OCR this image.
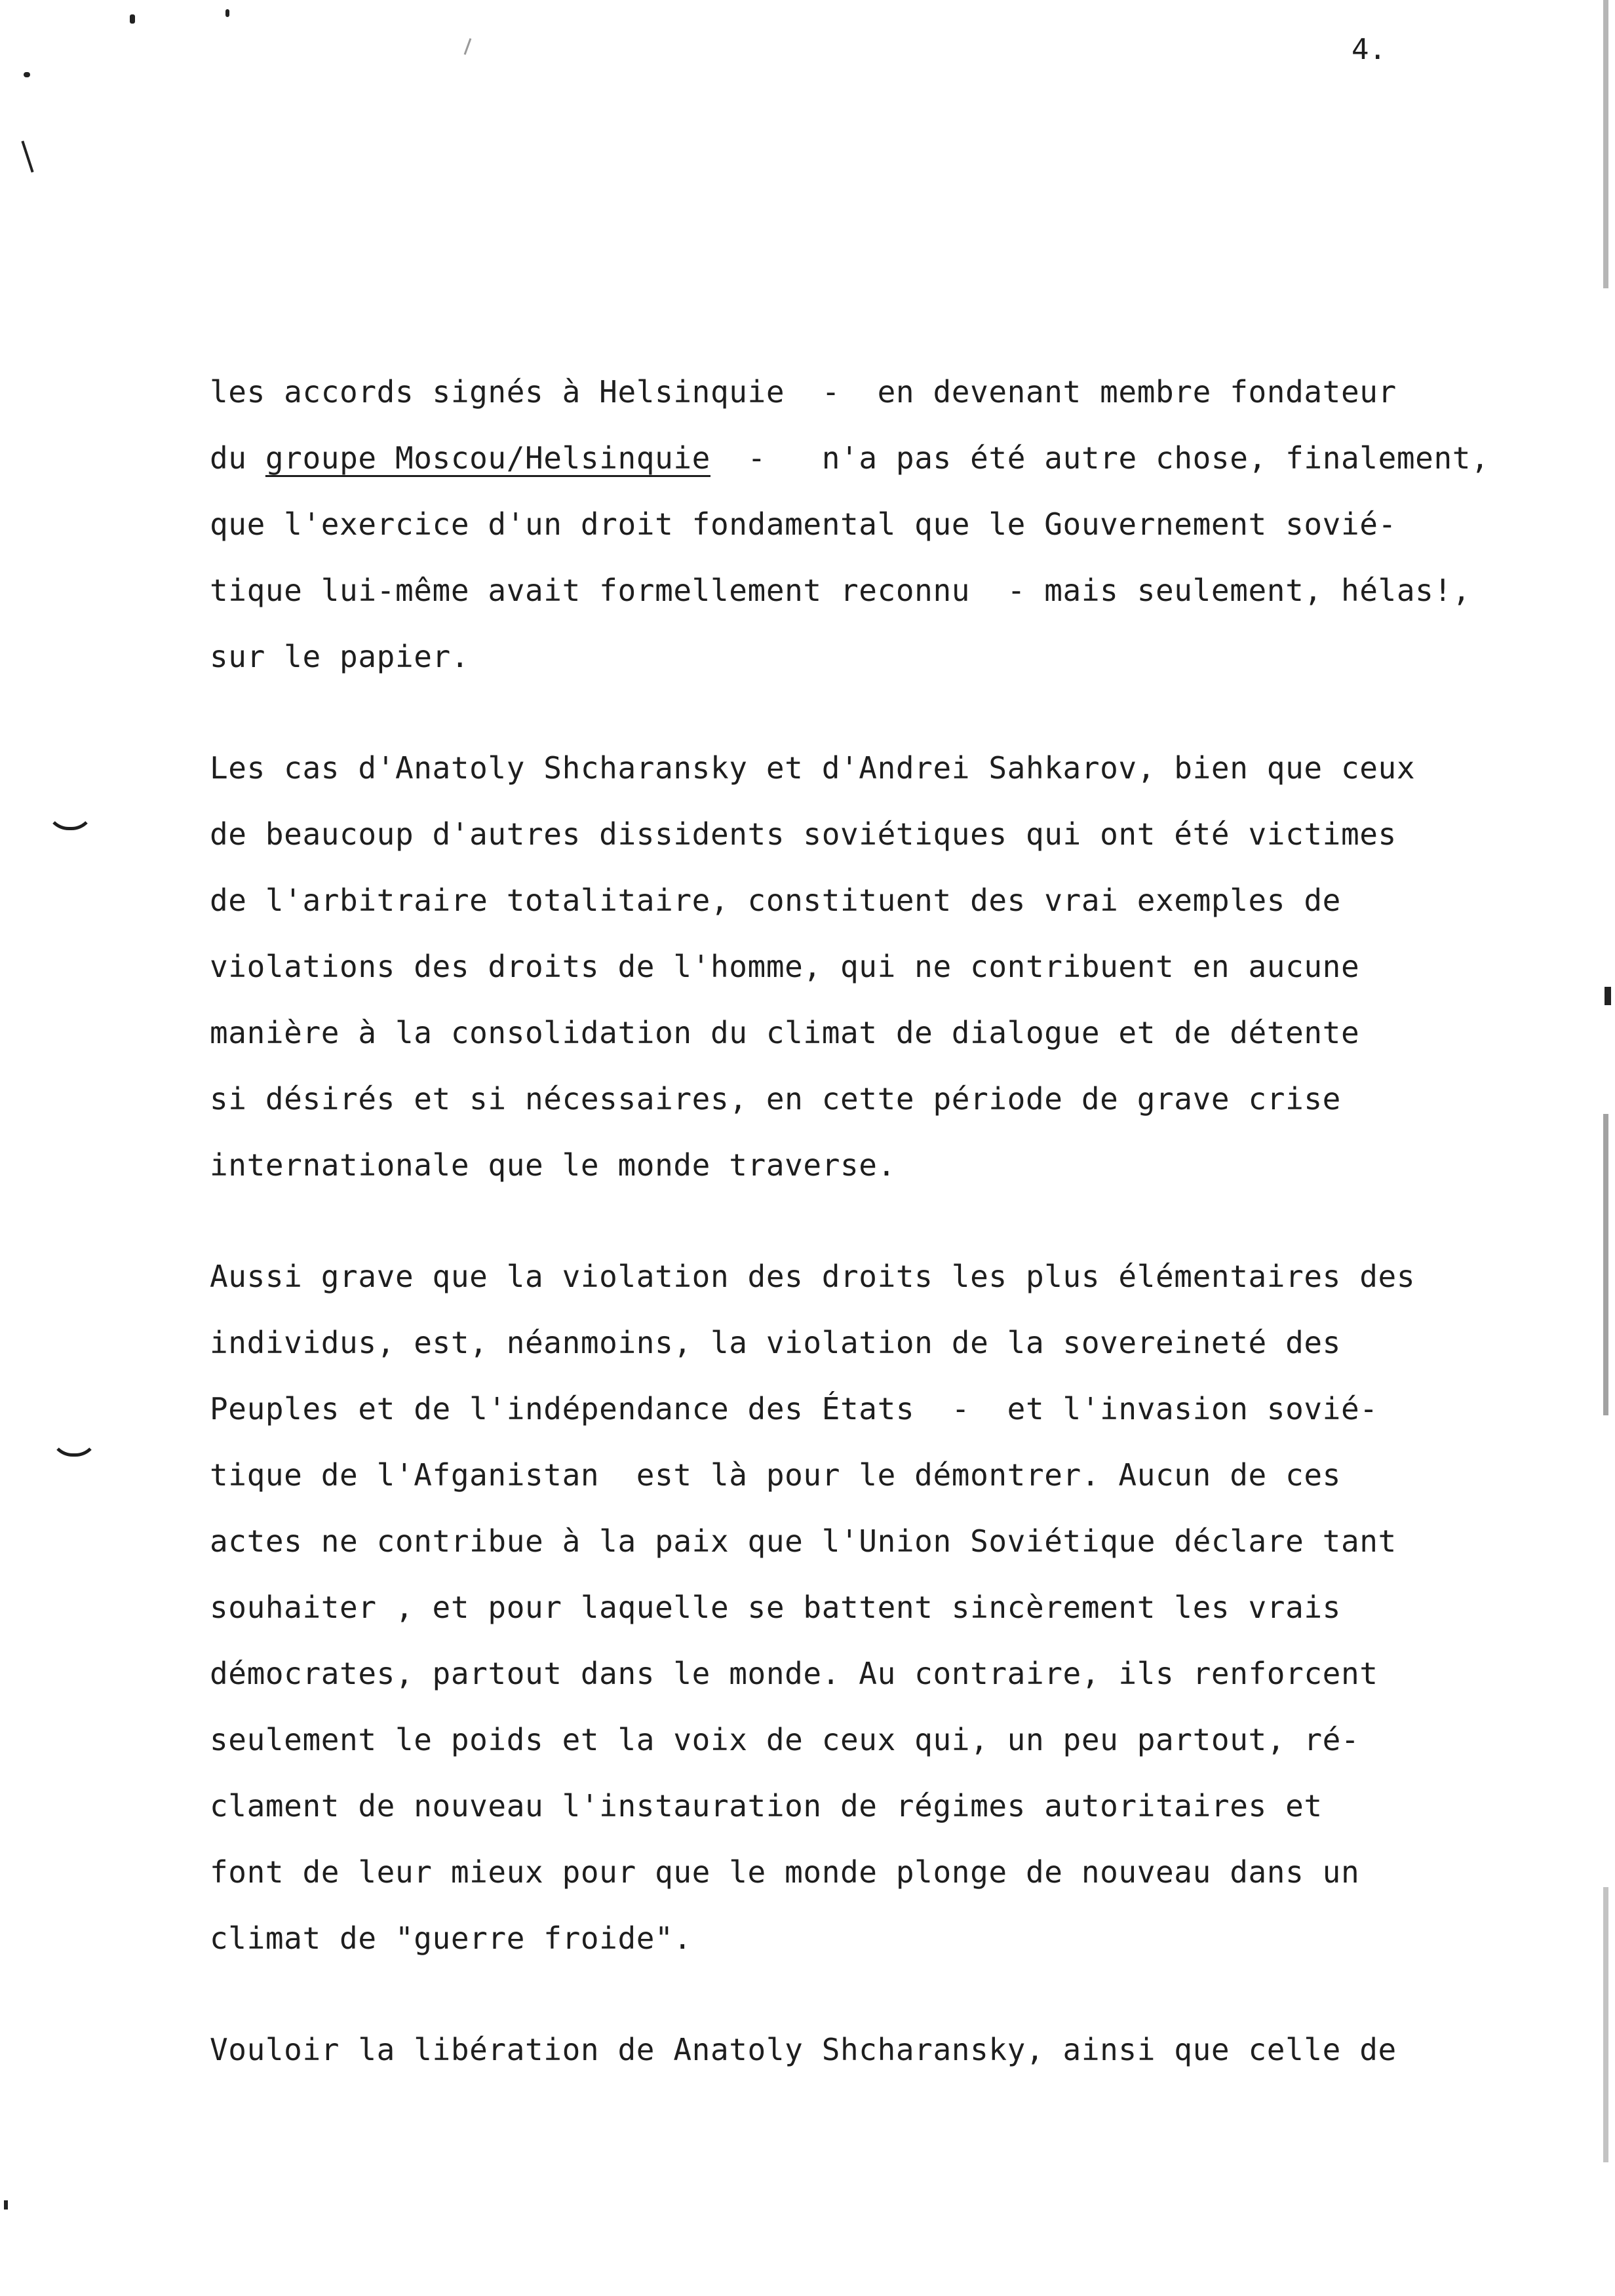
4.

les accords signés à Helsinquie  -  en devenant membre fondateur
du groupe Moscou/Helsinquie  -   n'a pas été autre chose, finalement,
que l'exercice d'un droit fondamental que le Gouvernement sovié-
tique lui-même avait formellement reconnu  - mais seulement, hélas!,
sur le papier.

Les cas d'Anatoly Shcharansky et d'Andrei Sahkarov, bien que ceux
de beaucoup d'autres dissidents soviétiques qui ont été victimes
de l'arbitraire totalitaire, constituent des vrai exemples de
violations des droits de l'homme, qui ne contribuent en aucune
manière à la consolidation du climat de dialogue et de détente
si désirés et si nécessaires, en cette période de grave crise
internationale que le monde traverse.

Aussi grave que la violation des droits les plus élémentaires des
individus, est, néanmoins, la violation de la sovereineté des
Peuples et de l'indépendance des États  -  et l'invasion sovié-
tique de l'Afganistan  est là pour le démontrer. Aucun de ces
actes ne contribue à la paix que l'Union Soviétique déclare tant
souhaiter , et pour laquelle se battent sincèrement les vrais
démocrates, partout dans le monde. Au contraire, ils renforcent
seulement le poids et la voix de ceux qui, un peu partout, ré-
clament de nouveau l'instauration de régimes autoritaires et
font de leur mieux pour que le monde plonge de nouveau dans un
climat de "guerre froide".

Vouloir la libération de Anatoly Shcharansky, ainsi que celle de
